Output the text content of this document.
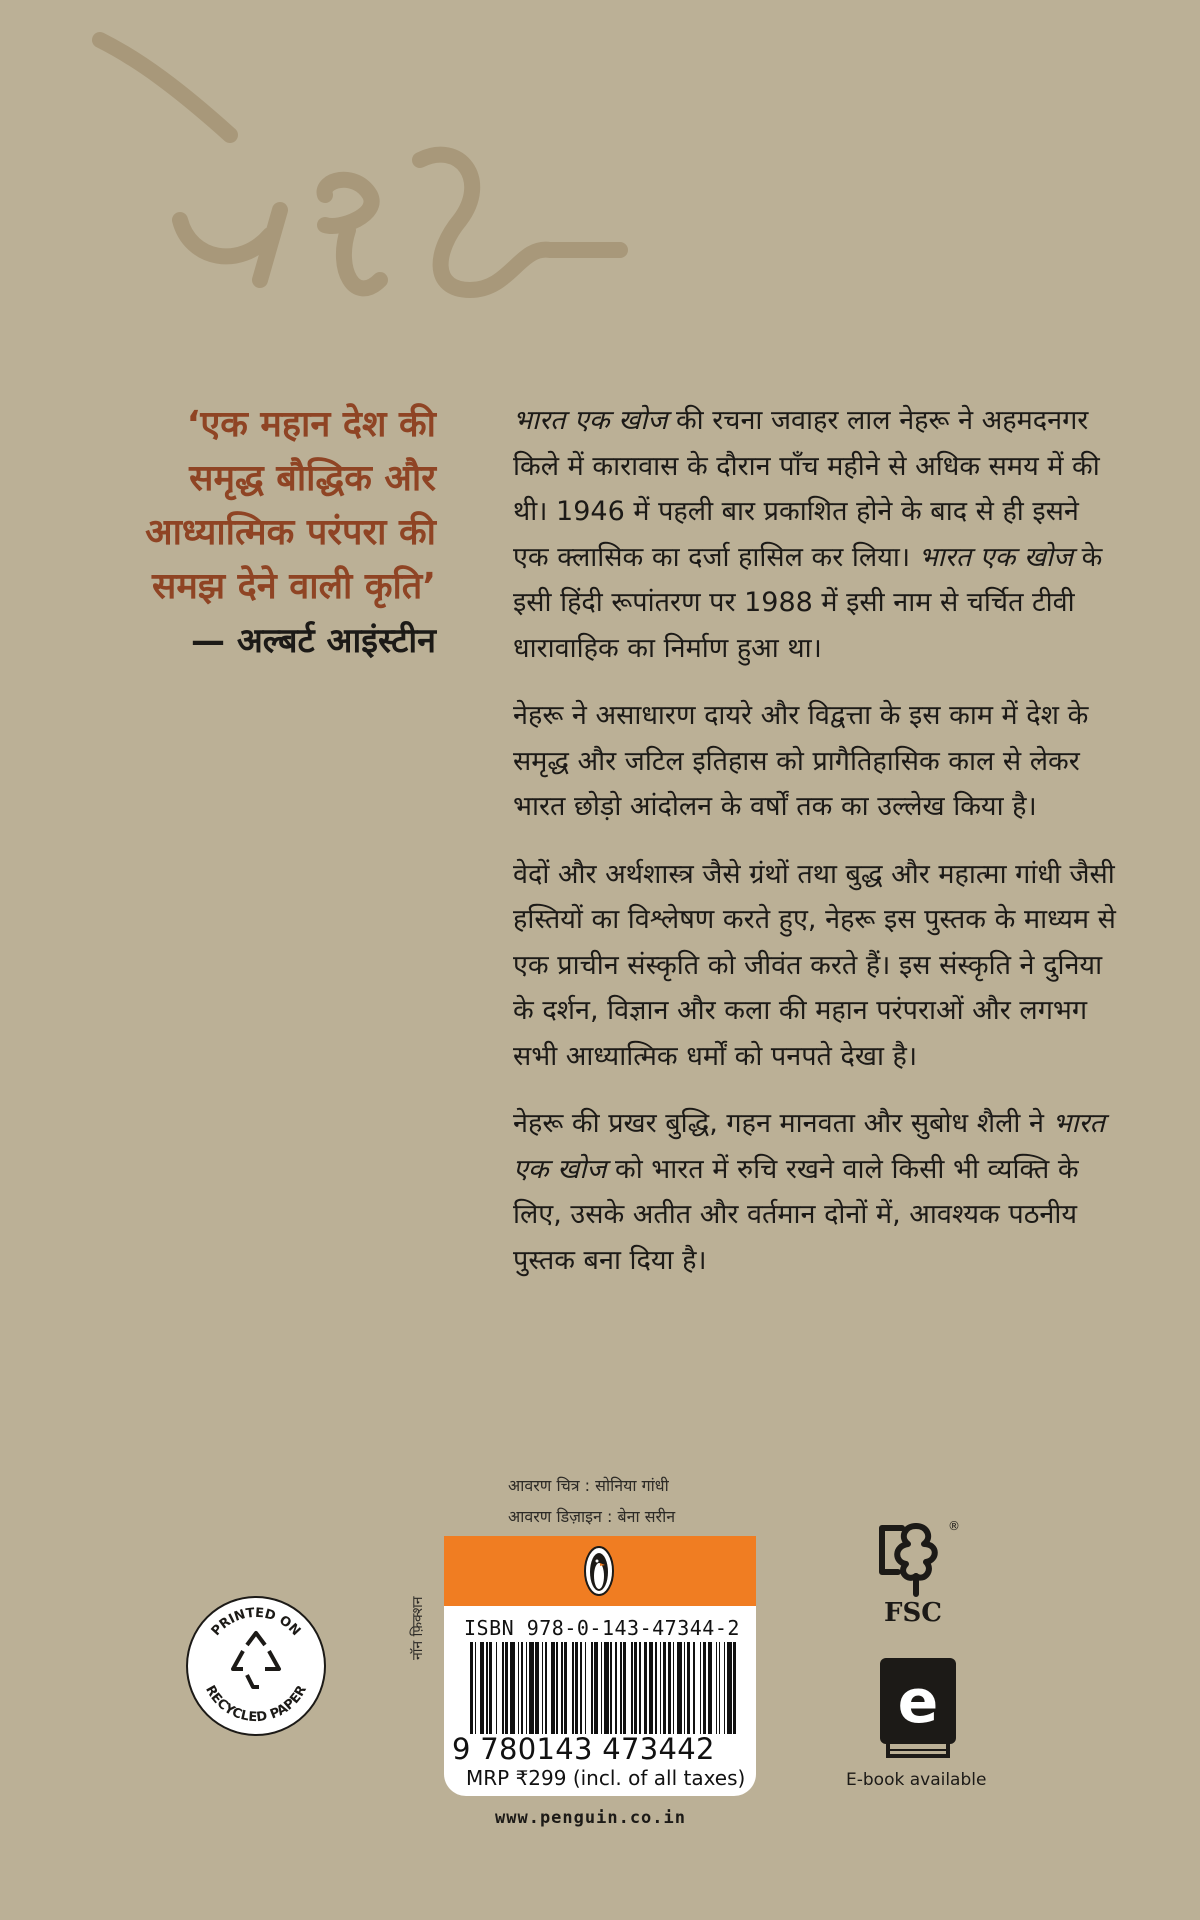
नेहरू

‘एक महान देश की

समृद्ध बौद्धिक और

आध्यात्मिक परंपरा की

समझ देने वाली कृति’

— अल्बर्ट आइंस्टीन

भारत एक खोज की रचना जवाहर लाल नेहरू ने अहमदनगर किले में कारावास के दौरान पाँच महीने से अधिक समय में की थी। 1946 में पहली बार प्रकाशित होने के बाद से ही इसने एक क्लासिक का दर्जा हासिल कर लिया। भारत एक खोज के इसी हिंदी रूपांतरण पर 1988 में इसी नाम से चर्चित टीवी धारावाहिक का निर्माण हुआ था।

नेहरू ने असाधारण दायरे और विद्वत्ता के इस काम में देश के समृद्ध और जटिल इतिहास को प्रागैतिहासिक काल से लेकर भारत छोड़ो आंदोलन के वर्षों तक का उल्लेख किया है।

वेदों और अर्थशास्त्र जैसे ग्रंथों तथा बुद्ध और महात्मा गांधी जैसी हस्तियों का विश्लेषण करते हुए, नेहरू इस पुस्तक के माध्यम से एक प्राचीन संस्कृति को जीवंत करते हैं। इस संस्कृति ने दुनिया के दर्शन, विज्ञान और कला की महान परंपराओं और लगभग सभी आध्यात्मिक धर्मों को पनपते देखा है।

नेहरू की प्रखर बुद्धि, गहन मानवता और सुबोध शैली ने भारत एक खोज को भारत में रुचि रखने वाले किसी भी व्यक्ति के लिए, उसके अतीत और वर्तमान दोनों में, आवश्यक पठनीय पुस्तक बना दिया है।

आवरण चित्र : सोनिया गांधी
आवरण डिज़ाइन : बेना सरीन
PRINTED ON
RECYCLED PAPER
नॉन फ़िक्शन ISBN 978-0-143-47344-2
9 780143 473442
MRP ₹299 (incl. of all taxes)
www.penguin.co.in
®
FSC
e
E-book available
